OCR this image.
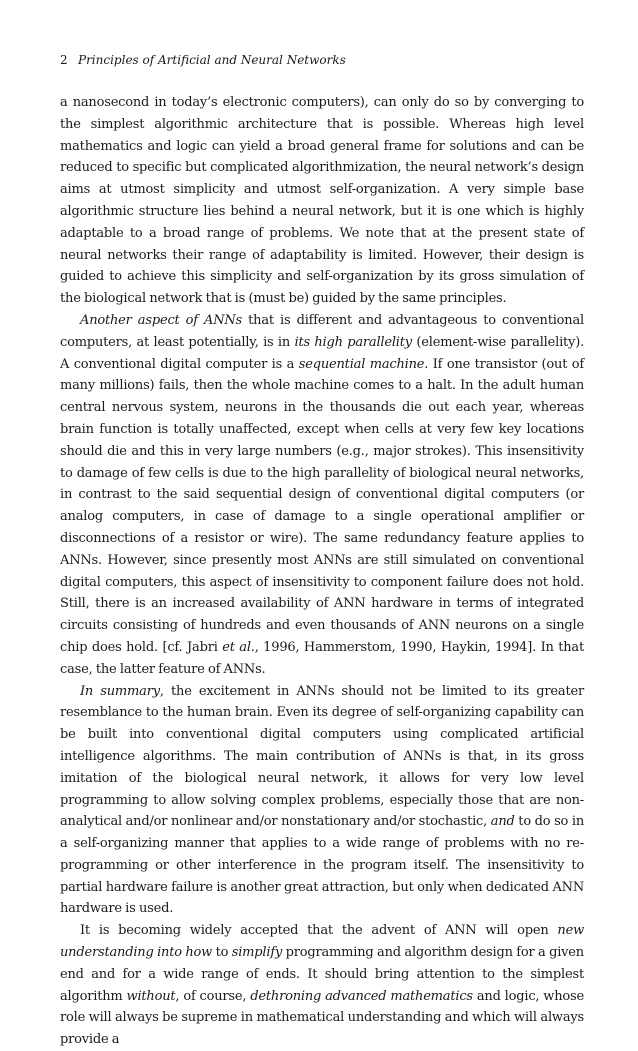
2 Principles of Artificial and Neural Networks

a nanosecond in today’s electronic computers), can only do so by converging to the simplest algorithmic architecture that is possible. Whereas high level mathematics and logic can yield a broad general frame for solutions and can be reduced to specific but complicated algorithmization, the neural network’s design aims at utmost simplicity and utmost self-organization. A very simple base algorithmic structure lies behind a neural network, but it is one which is highly adaptable to a broad range of problems. We note that at the present state of neural networks their range of adaptability is limited. However, their design is guided to achieve this simplicity and self-organization by its gross simulation of the biological network that is (must be) guided by the same principles.

Another aspect of ANNs that is different and advantageous to conventional computers, at least potentially, is in its high parallelity (element-wise parallelity). A conventional digital computer is a sequential machine. If one transistor (out of many millions) fails, then the whole machine comes to a halt. In the adult human central nervous system, neurons in the thousands die out each year, whereas brain function is totally unaffected, except when cells at very few key locations should die and this in very large numbers (e.g., major strokes). This insensitivity to damage of few cells is due to the high parallelity of biological neural networks, in contrast to the said sequential design of conventional digital computers (or analog computers, in case of damage to a single operational amplifier or disconnections of a resistor or wire). The same redundancy feature applies to ANNs. However, since presently most ANNs are still simulated on conventional digital computers, this aspect of insensitivity to component failure does not hold. Still, there is an increased availability of ANN hardware in terms of integrated circuits consisting of hundreds and even thousands of ANN neurons on a single chip does hold. [cf. Jabri et al., 1996, Hammerstom, 1990, Haykin, 1994]. In that case, the latter feature of ANNs.

In summary, the excitement in ANNs should not be limited to its greater resemblance to the human brain. Even its degree of self-organizing capability can be built into conventional digital computers using complicated artificial intelligence algorithms. The main contribution of ANNs is that, in its gross imitation of the biological neural network, it allows for very low level programming to allow solving complex problems, especially those that are non-analytical and/or nonlinear and/or nonstationary and/or stochastic, and to do so in a self-organizing manner that applies to a wide range of problems with no re-programming or other interference in the program itself. The insensitivity to partial hardware failure is another great attraction, but only when dedicated ANN hardware is used.

It is becoming widely accepted that the advent of ANN will open new understanding into how to simplify programming and algorithm design for a given end and for a wide range of ends. It should bring attention to the simplest algorithm without, of course, dethroning advanced mathematics and logic, whose role will always be supreme in mathematical understanding and which will always provide a
